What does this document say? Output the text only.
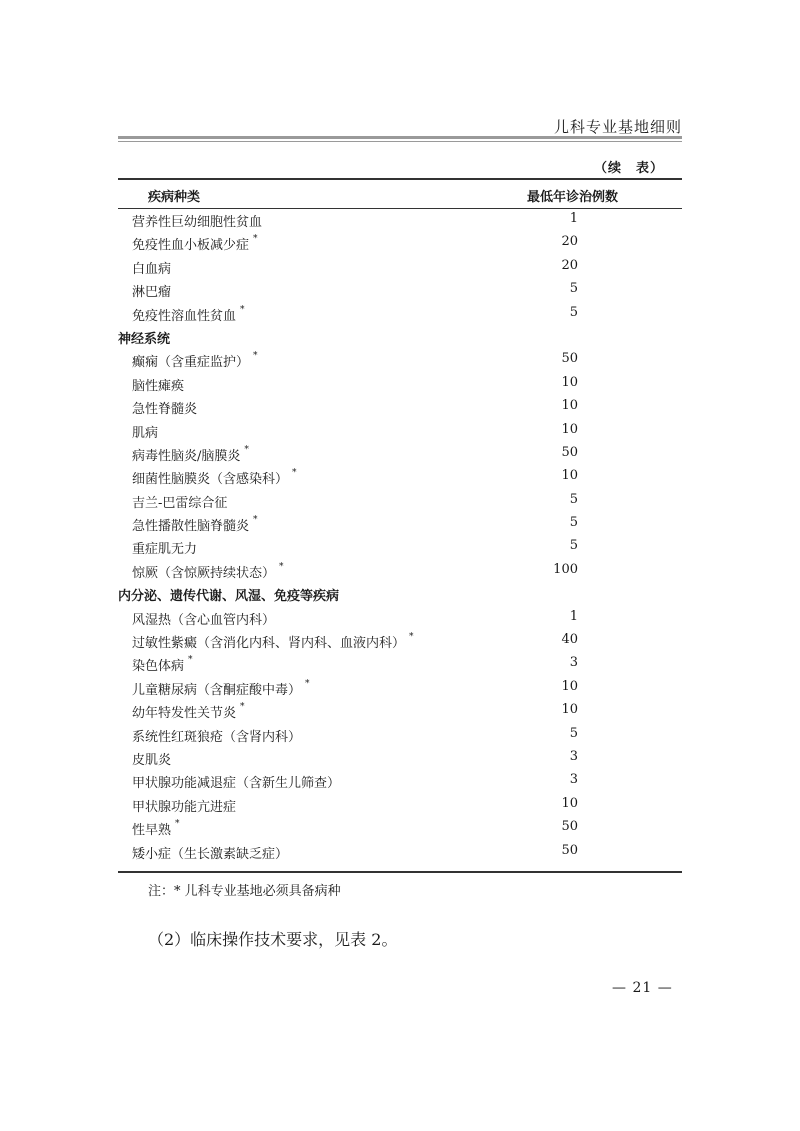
儿科专业基地细则
（续　表）
疾病种类	最低年诊治例数
营养性巨幼细胞性贫血	1
免疫性血小板减少症 *	20
白血病	20
淋巴瘤	5
免疫性溶血性贫血 *	5
神经系统
癫痫（含重症监护） *	50
脑性瘫痪	10
急性脊髓炎	10
肌病	10
病毒性脑炎/脑膜炎 *	50
细菌性脑膜炎（含感染科） *	10
吉兰-巴雷综合征	5
急性播散性脑脊髓炎 *	5
重症肌无力	5
惊厥（含惊厥持续状态） *	100
内分泌、遗传代谢、风湿、免疫等疾病
风湿热（含心血管内科）	1
过敏性紫癜（含消化内科、肾内科、血液内科） *	40
染色体病 *	3
儿童糖尿病（含酮症酸中毒） *	10
幼年特发性关节炎 *	10
系统性红斑狼疮（含肾内科）	5
皮肌炎	3
甲状腺功能减退症（含新生儿筛查）	3
甲状腺功能亢进症	10
性早熟 *	50
矮小症（生长激素缺乏症）	50
注：* 儿科专业基地必须具备病种
（2）临床操作技术要求，见表 2。
— 21 —
